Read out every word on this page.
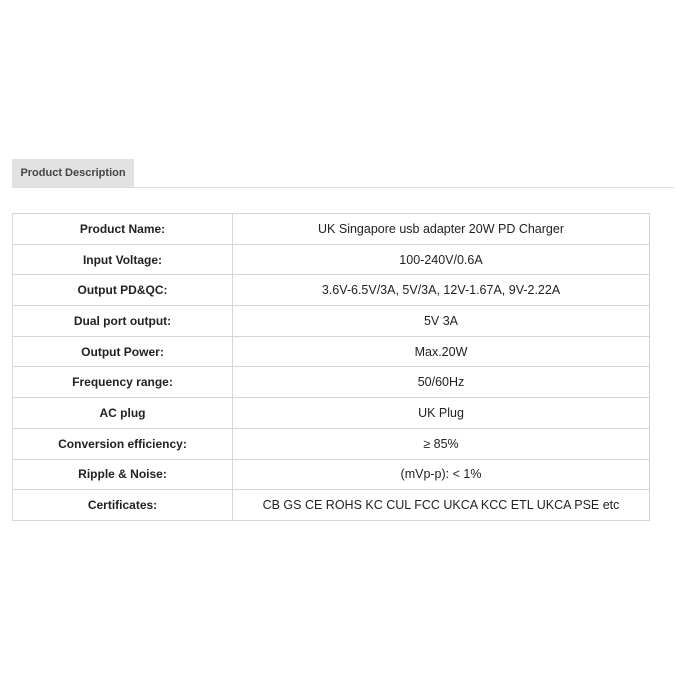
Product Description
Product Name:	UK Singapore usb adapter 20W PD Charger
Input Voltage:	100-240V/0.6A
Output PD&QC:	3.6V-6.5V/3A, 5V/3A, 12V-1.67A, 9V-2.22A
Dual port output:	5V 3A
Output Power:	Max.20W
Frequency range:	50/60Hz
AC plug	UK Plug
Conversion efficiency:	≥ 85%
Ripple & Noise:	(mVp-p): < 1%
Certificates:	CB GS CE ROHS KC CUL FCC UKCA KCC ETL UKCA PSE etc
